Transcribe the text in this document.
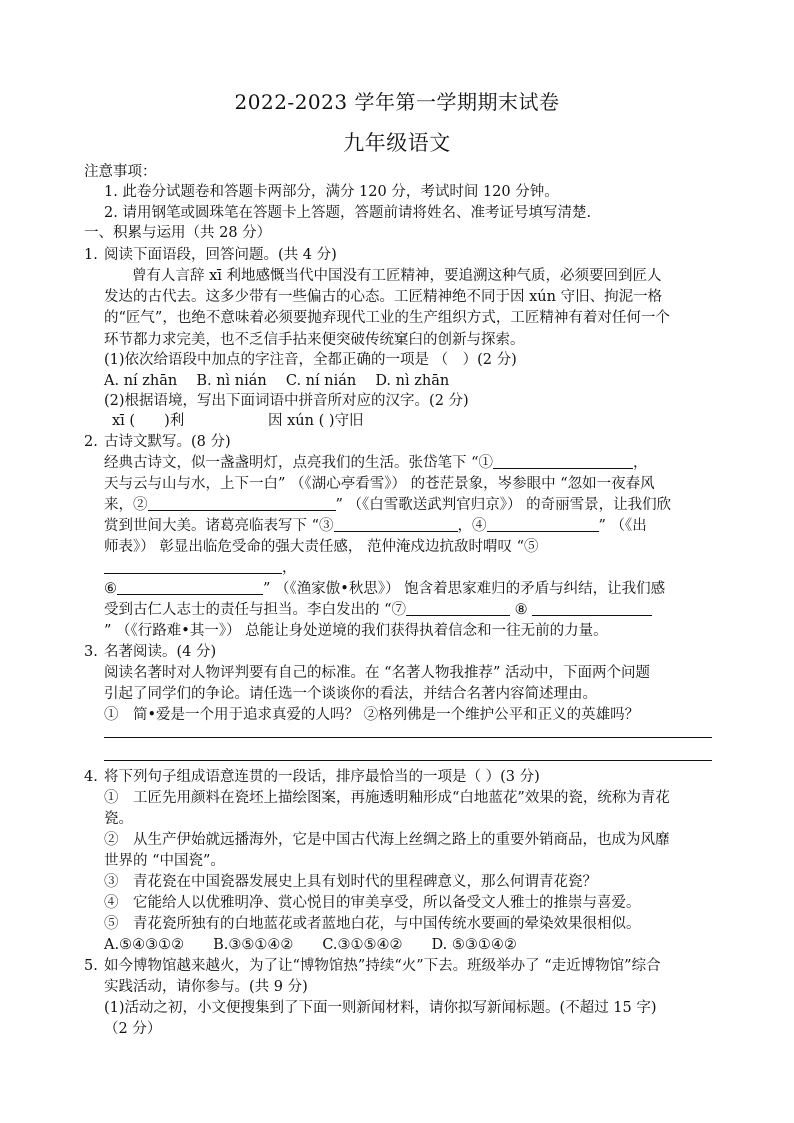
2022-2023 学年第一学期期末试卷
九年级语文
注意事项：
1. 此卷分试题卷和答题卡两部分，满分 120 分，考试时间 120 分钟。
2. 请用钢笔或圆珠笔在答题卡上答题，答题前请将姓名、准考证号填写清楚.
一、积累与运用（共 28 分）
1. 阅读下面语段，回答问题。(共 4 分)
曾有人言辞 xī 利地感慨当代中国没有工匠精神，要追溯这种气质，必须要回到匠人
发达的古代去。这多少带有一些偏古的心态。工匠精神绝不同于因 xún 守旧、拘泥一格
的“匠气”，也绝不意味着必须要抛弃现代工业的生产组织方式，工匠精神有着对任何一个
环节都力求完美，也不乏信手拈来便突破传统窠臼的创新与探索。
(1)依次给语段中加点的字注音，全都正确的一项是 （　）(2 分)
A. ní zhān　 B. nì nián　 C. ní nián　 D. nì zhān
(2)根据语境，写出下面词语中拼音所对应的汉字。(2 分)
xī (　　)利	因 xún ( )守旧
2. 古诗文默写。(8 分)
经典古诗文，似一盏盏明灯，点亮我们的生活。张岱笔下 “①	，
天与云与山与水，上下一白” （《湖心亭看雪》） 的苍茫景象，岑参眼中 “忽如一夜春风
来，②	” （《白雪歌送武判官归京》） 的奇丽雪景，让我们欣
赏到世间大美。诸葛亮临表写下 “③	，④	” （《出
师表》） 彰显出临危受命的强大责任感， 范仲淹戍边抗敌时喟叹 “⑤
，
⑥	” （《渔家傲•秋思》） 饱含着思家难归的矛盾与纠结，让我们感
受到古仁人志士的责任与担当。李白发出的 “⑦	⑧
” （《行路难•其一》） 总能让身处逆境的我们获得执着信念和一往无前的力量。
3. 名著阅读。(4 分)
阅读名著时对人物评判要有自己的标准。在 “名著人物我推荐” 活动中，下面两个问题
引起了同学们的争论。请任选一个谈谈你的看法，并结合名著内容简述理由。
①　简•爱是一个用于追求真爱的人吗？ ②格列佛是一个维护公平和正义的英雄吗？
4. 将下列句子组成语意连贯的一段话，排序最恰当的一项是（ ）(3 分)
①　工匠先用颜料在瓷坯上描绘图案，再施透明釉形成“白地蓝花”效果的瓷，统称为青花
瓷。
②　从生产伊始就远播海外，它是中国古代海上丝绸之路上的重要外销商品，也成为风靡
世界的 “中国瓷”。
③　青花瓷在中国瓷器发展史上具有划时代的里程碑意义，那么何谓青花瓷？
④　它能给人以优雅明净、赏心悦目的审美享受，所以备受文人雅士的推崇与喜爱。
⑤　青花瓷所独有的白地蓝花或者蓝地白花，与中国传统水要画的晕染效果很相似。
A.⑤④③①②　　B.③⑤①④②　　C.③①⑤④②　　D. ⑤③①④②
5. 如今博物馆越来越火，为了让“博物馆热”持续“火”下去。班级举办了 “走近博物馆”综合
实践活动，请你参与。(共 9 分)
(1)活动之初，小文便搜集到了下面一则新闻材料，请你拟写新闻标题。(不超过 15 字)
（2 分）
